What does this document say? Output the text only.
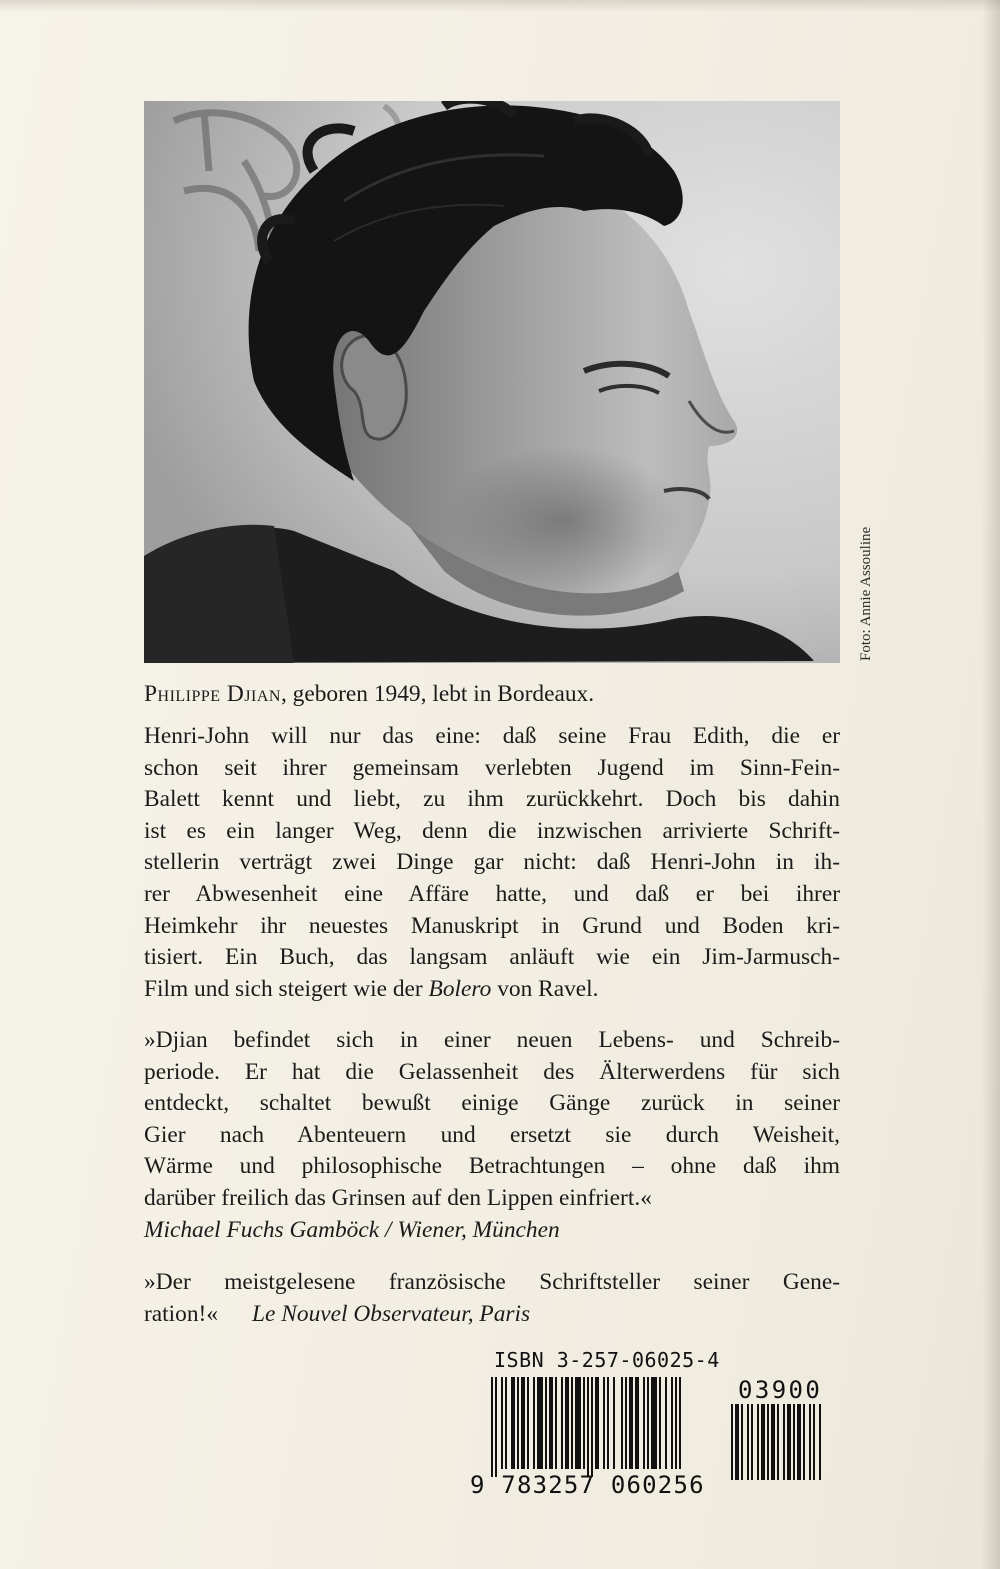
Foto: Annie Assouline
Philippe Djian, geboren 1949, lebt in Bordeaux.
Henri-John will nur das eine: daß seine Frau Edith, die er
schon seit ihrer gemeinsam verlebten Jugend im Sinn-Fein-
Balett kennt und liebt, zu ihm zurückkehrt. Doch bis dahin
ist es ein langer Weg, denn die inzwischen arrivierte Schrift-
stellerin verträgt zwei Dinge gar nicht: daß Henri-John in ih-
rer Abwesenheit eine Affäre hatte, und daß er bei ihrer
Heimkehr ihr neuestes Manuskript in Grund und Boden kri-
tisiert. Ein Buch, das langsam anläuft wie ein Jim-Jarmusch-
Film und sich steigert wie der Bolero von Ravel.
»Djian befindet sich in einer neuen Lebens- und Schreib-
periode. Er hat die Gelassenheit des Älterwerdens für sich
entdeckt, schaltet bewußt einige Gänge zurück in seiner
Gier nach Abenteuern und ersetzt sie durch Weisheit,
Wärme und philosophische Betrachtungen – ohne daß ihm
darüber freilich das Grinsen auf den Lippen einfriert.«
Michael Fuchs Gamböck / Wiener, München
»Der meistgelesene französische Schriftsteller seiner Gene-
ration!« Le Nouvel Observateur, Paris
ISBN 3-257-06025-4
9 783257 060256
03900
